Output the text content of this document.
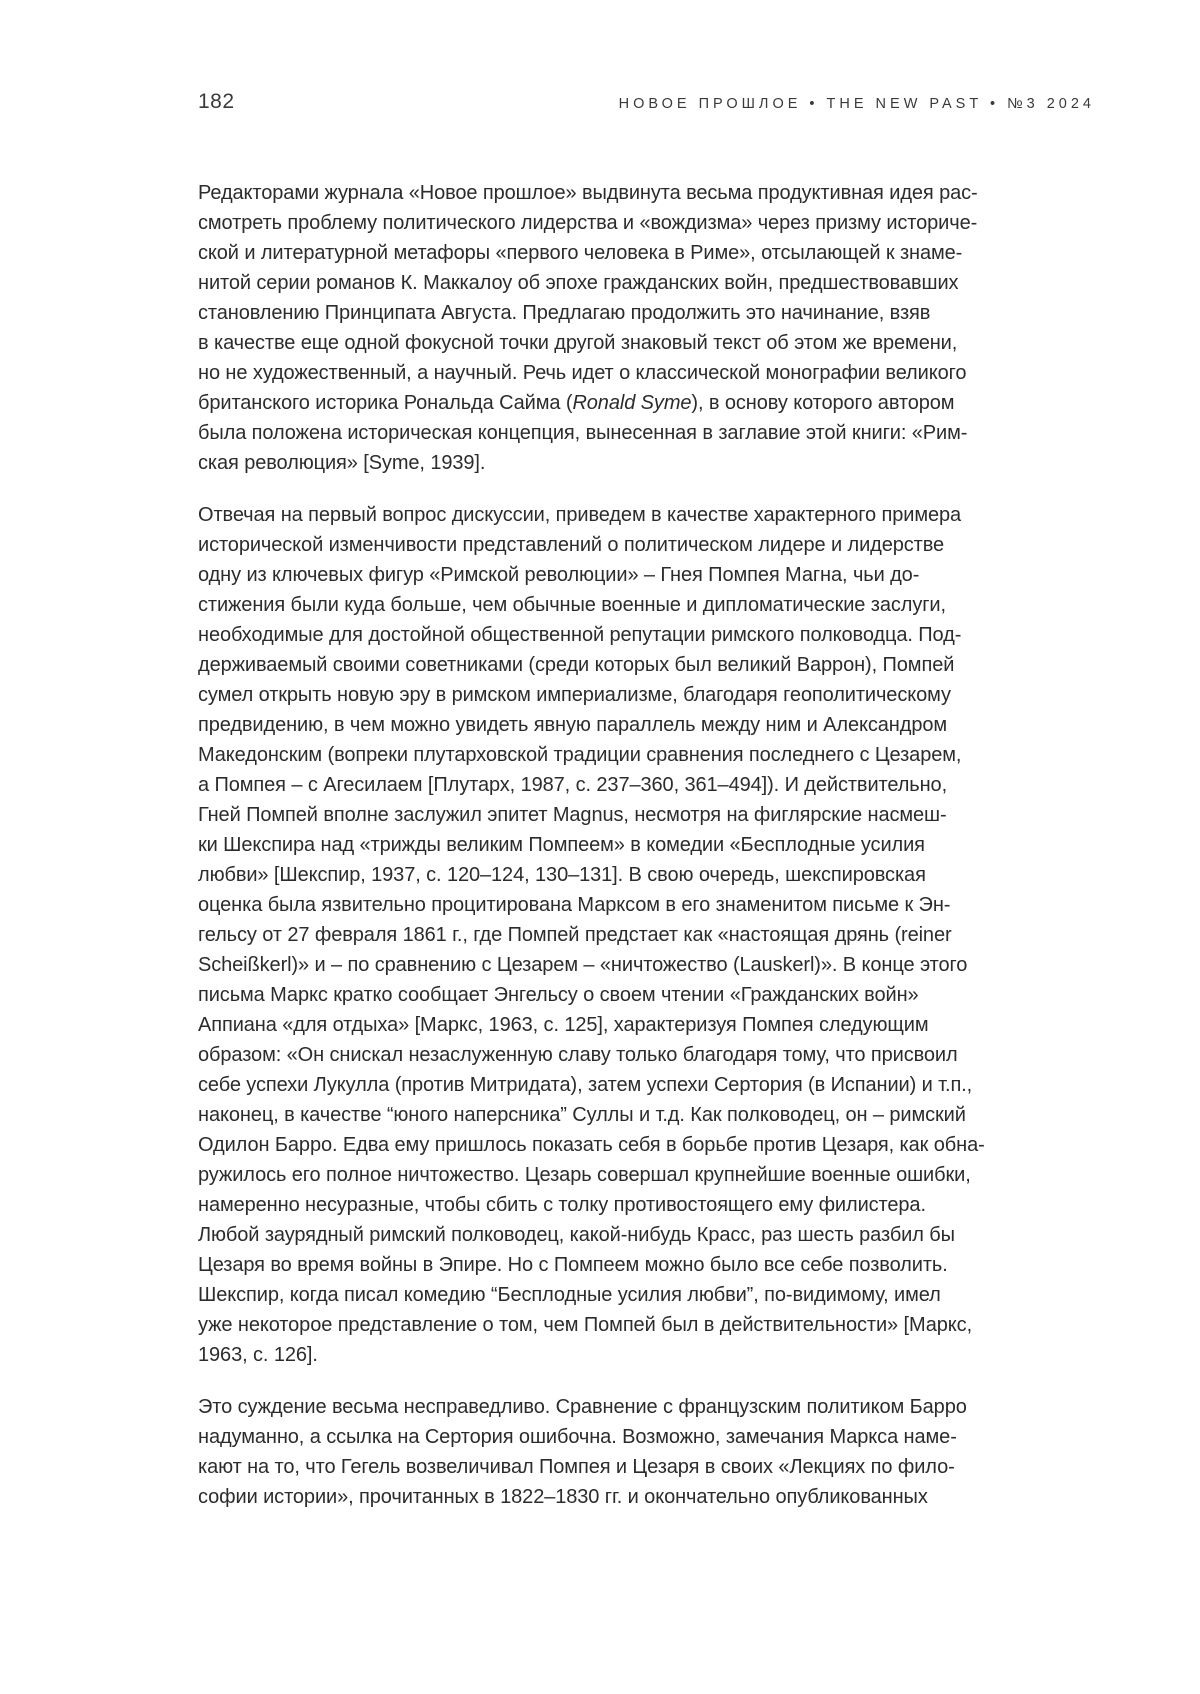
182	НОВОЕ ПРОШЛОЕ • THE NEW PAST • №3 2024
Редакторами журнала «Новое прошлое» выдвинута весьма продуктивная идея рас-
смотреть проблему политического лидерства и «вождизма» через призму историче-
ской и литературной метафоры «первого человека в Риме», отсылающей к знаме-
нитой серии романов К. Маккалоу об эпохе гражданских войн, предшествовавших
становлению Принципата Августа. Предлагаю продолжить это начинание, взяв
в качестве еще одной фокусной точки другой знаковый текст об этом же времени,
но не художественный, а научный. Речь идет о классической монографии великого
британского историка Рональда Сайма (Ronald Syme), в основу которого автором
была положена историческая концепция, вынесенная в заглавие этой книги: «Рим-
ская революция» [Syme, 1939].
Отвечая на первый вопрос дискуссии, приведем в качестве характерного примера
исторической изменчивости представлений о политическом лидере и лидерстве
одну из ключевых фигур «Римской революции» – Гнея Помпея Магна, чьи до-
стижения были куда больше, чем обычные военные и дипломатические заслуги,
необходимые для достойной общественной репутации римского полководца. Под-
держиваемый своими советниками (среди которых был великий Варрон), Помпей
сумел открыть новую эру в римском империализме, благодаря геополитическому
предвидению, в чем можно увидеть явную параллель между ним и Александром
Македонским (вопреки плутарховской традиции сравнения последнего с Цезарем,
а Помпея – с Агесилаем [Плутарх, 1987, с. 237–360, 361–494]). И действительно,
Гней Помпей вполне заслужил эпитет Magnus, несмотря на фиглярские насмеш-
ки Шекспира над «трижды великим Помпеем» в комедии «Бесплодные усилия
любви» [Шекспир, 1937, с. 120–124, 130–131]. В свою очередь, шекспировская
оценка была язвительно процитирована Марксом в его знаменитом письме к Эн-
гельсу от 27 февраля 1861 г., где Помпей предстает как «настоящая дрянь (reiner
Scheißkerl)» и – по сравнению с Цезарем – «ничтожество (Lauskerl)». В конце этого
письма Маркс кратко сообщает Энгельсу о своем чтении «Гражданских войн»
Аппиана «для отдыха» [Маркс, 1963, с. 125], характеризуя Помпея следующим
образом: «Он снискал незаслуженную славу только благодаря тому, что присвоил
себе успехи Лукулла (против Митридата), затем успехи Сертория (в Испании) и т.п.,
наконец, в качестве “юного наперсника” Суллы и т.д. Как полководец, он – римский
Одилон Барро. Едва ему пришлось показать себя в борьбе против Цезаря, как обна-
ружилось его полное ничтожество. Цезарь совершал крупнейшие военные ошибки,
намеренно несуразные, чтобы сбить с толку противостоящего ему филистера.
Любой заурядный римский полководец, какой-нибудь Красс, раз шесть разбил бы
Цезаря во время войны в Эпире. Но с Помпеем можно было все себе позволить.
Шекспир, когда писал комедию “Бесплодные усилия любви”, по-видимому, имел
уже некоторое представление о том, чем Помпей был в действительности» [Маркс,
1963, с. 126].
Это суждение весьма несправедливо. Сравнение с французским политиком Барро
надуманно, а ссылка на Сертория ошибочна. Возможно, замечания Маркса наме-
кают на то, что Гегель возвеличивал Помпея и Цезаря в своих «Лекциях по фило-
софии истории», прочитанных в 1822–1830 гг. и окончательно опубликованных
